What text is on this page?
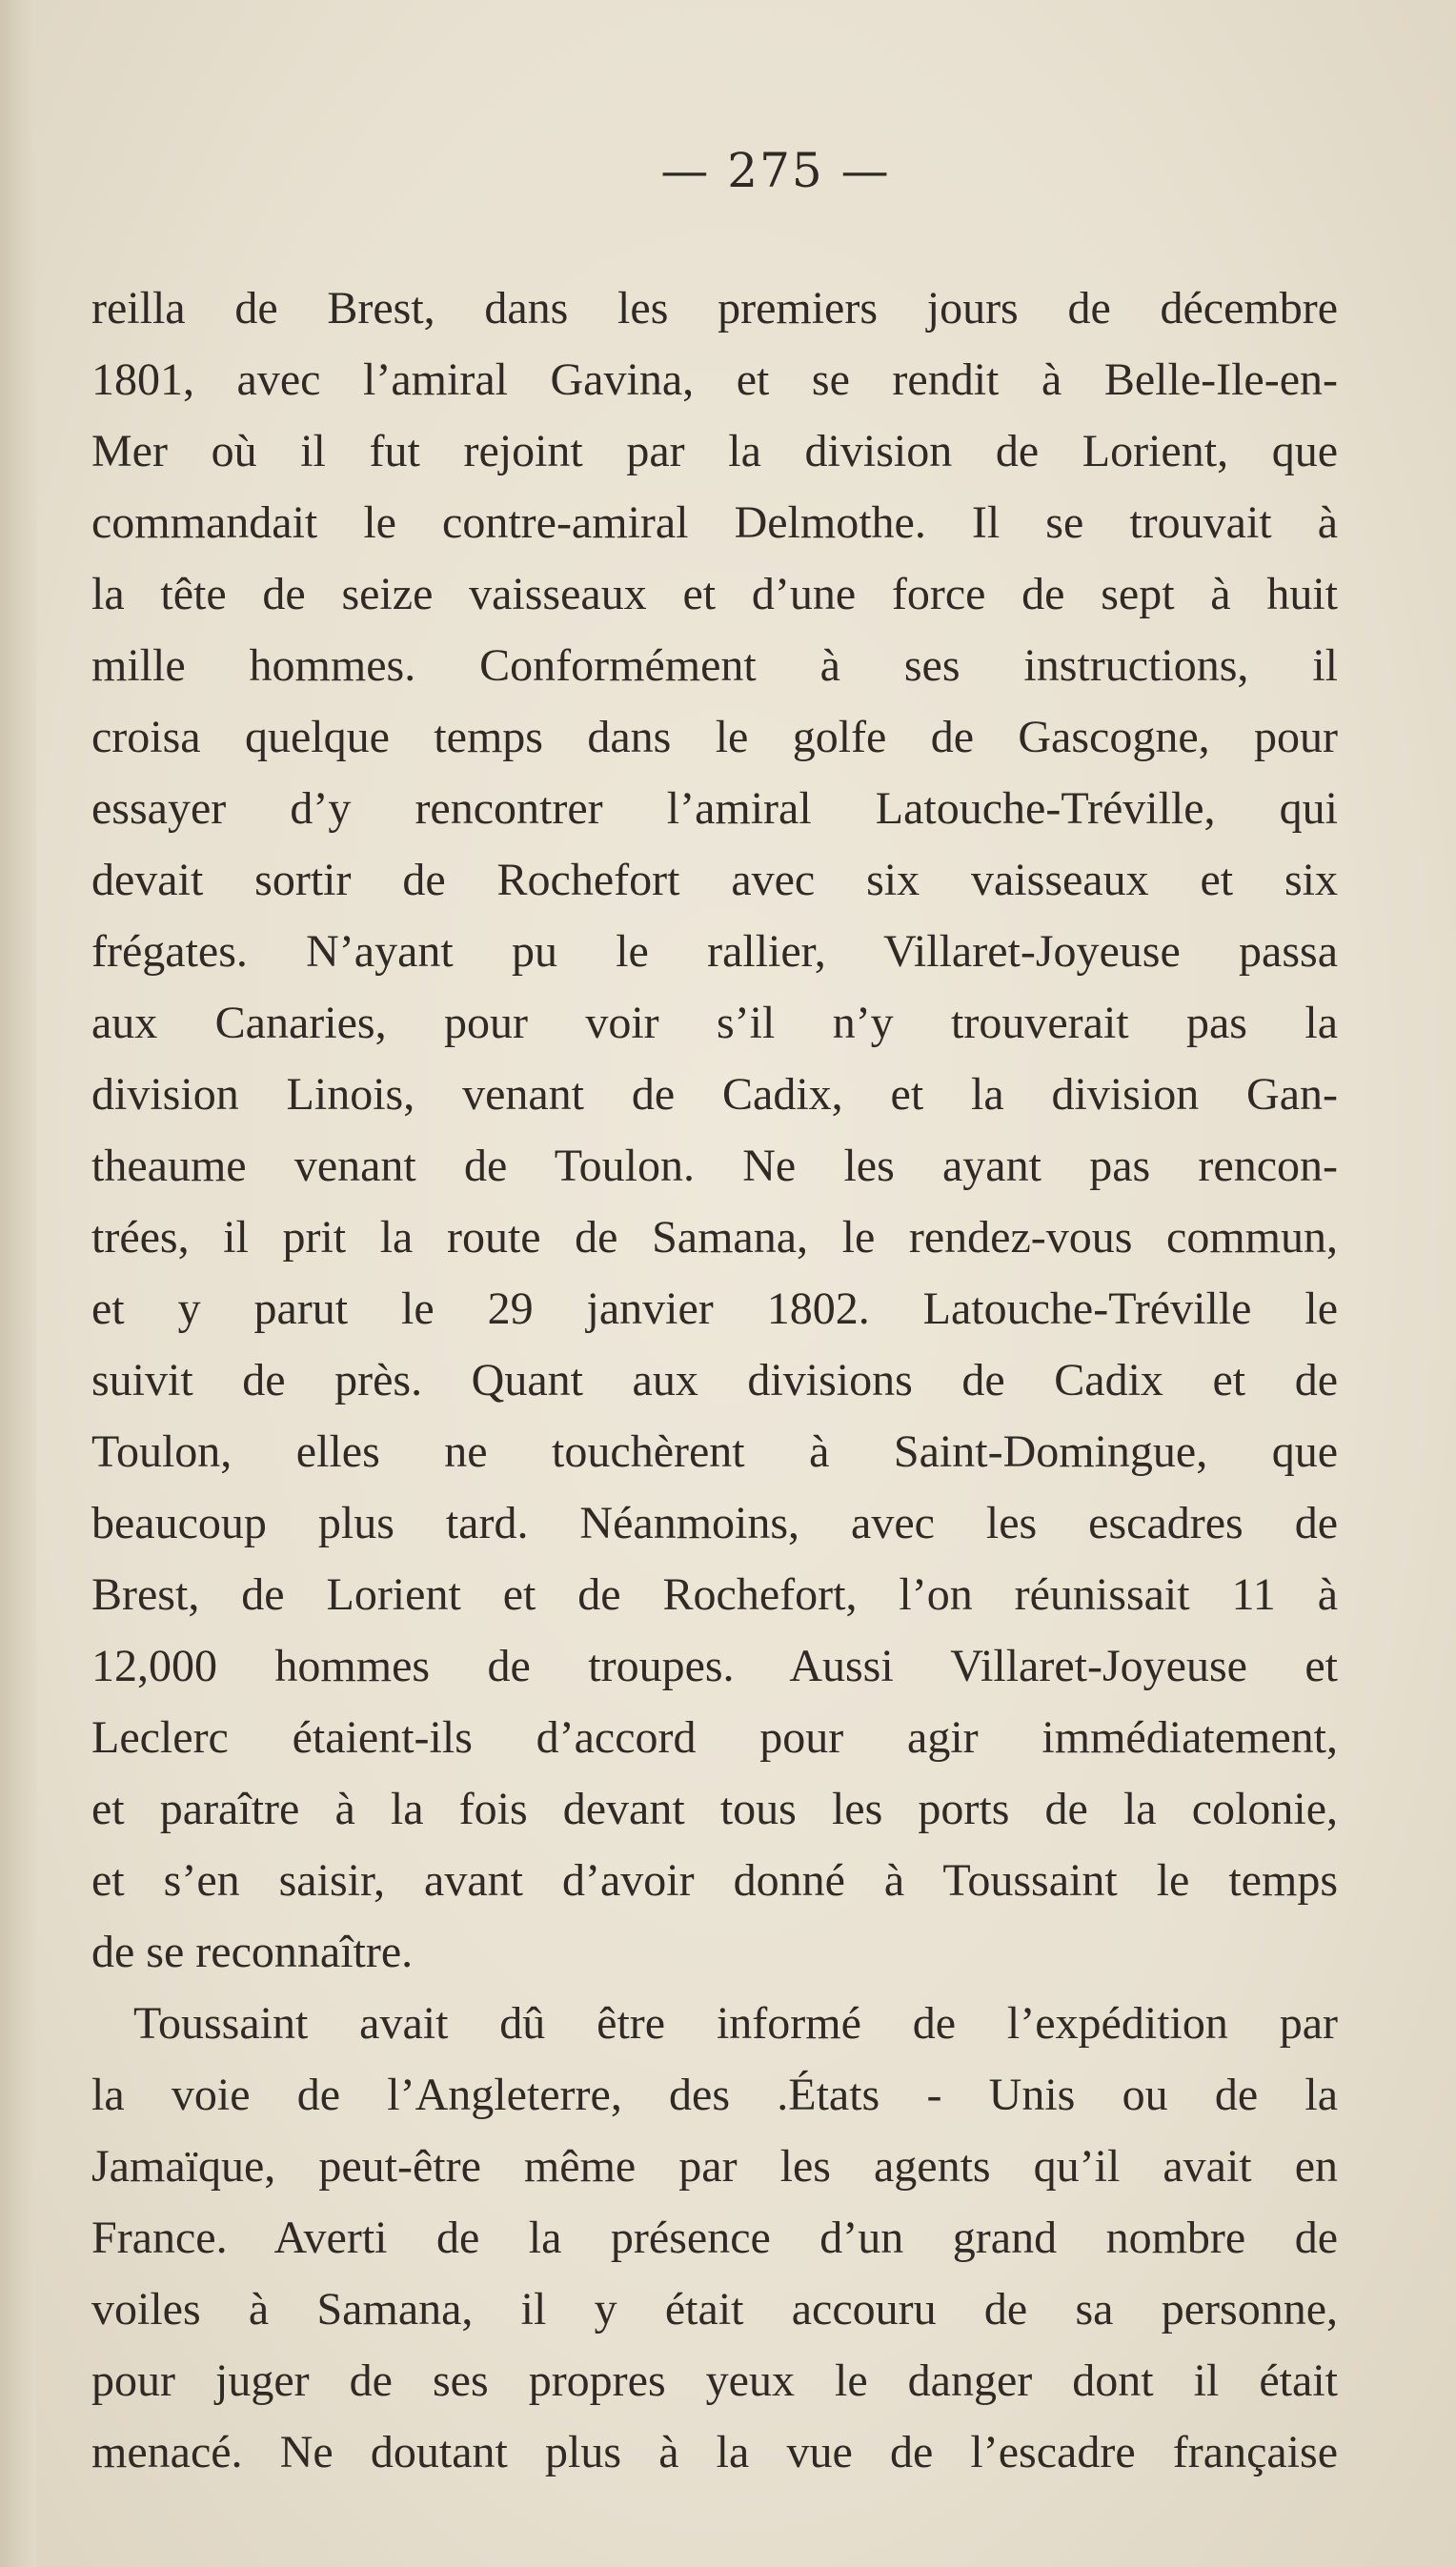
— 275 —
reilla de Brest, dans les premiers jours de décembre
1801, avec l’amiral Gavina, et se rendit à Belle-Ile-en-
Mer où il fut rejoint par la division de Lorient, que
commandait le contre-amiral Delmothe. Il se trouvait à
la tête de seize vaisseaux et d’une force de sept à huit
mille hommes. Conformément à ses instructions, il
croisa quelque temps dans le golfe de Gascogne, pour
essayer d’y rencontrer l’amiral Latouche-Tréville, qui
devait sortir de Rochefort avec six vaisseaux et six
frégates. N’ayant pu le rallier, Villaret-Joyeuse passa
aux Canaries, pour voir s’il n’y trouverait pas la
division Linois, venant de Cadix, et la division Gan-
theaume venant de Toulon. Ne les ayant pas rencon-
trées, il prit la route de Samana, le rendez-vous commun,
et y parut le 29 janvier 1802. Latouche-Tréville le
suivit de près. Quant aux divisions de Cadix et de
Toulon, elles ne touchèrent à Saint-Domingue, que
beaucoup plus tard. Néanmoins, avec les escadres de
Brest, de Lorient et de Rochefort, l’on réunissait 11 à
12,000 hommes de troupes. Aussi Villaret-Joyeuse et
Leclerc étaient-ils d’accord pour agir immédiatement,
et paraître à la fois devant tous les ports de la colonie,
et s’en saisir, avant d’avoir donné à Toussaint le temps
de se reconnaître.
Toussaint avait dû être informé de l’expédition par
la voie de l’Angleterre, des .États - Unis ou de la
Jamaïque, peut-être même par les agents qu’il avait en
France. Averti de la présence d’un grand nombre de
voiles à Samana, il y était accouru de sa personne,
pour juger de ses propres yeux le danger dont il était
menacé. Ne doutant plus à la vue de l’escadre française
